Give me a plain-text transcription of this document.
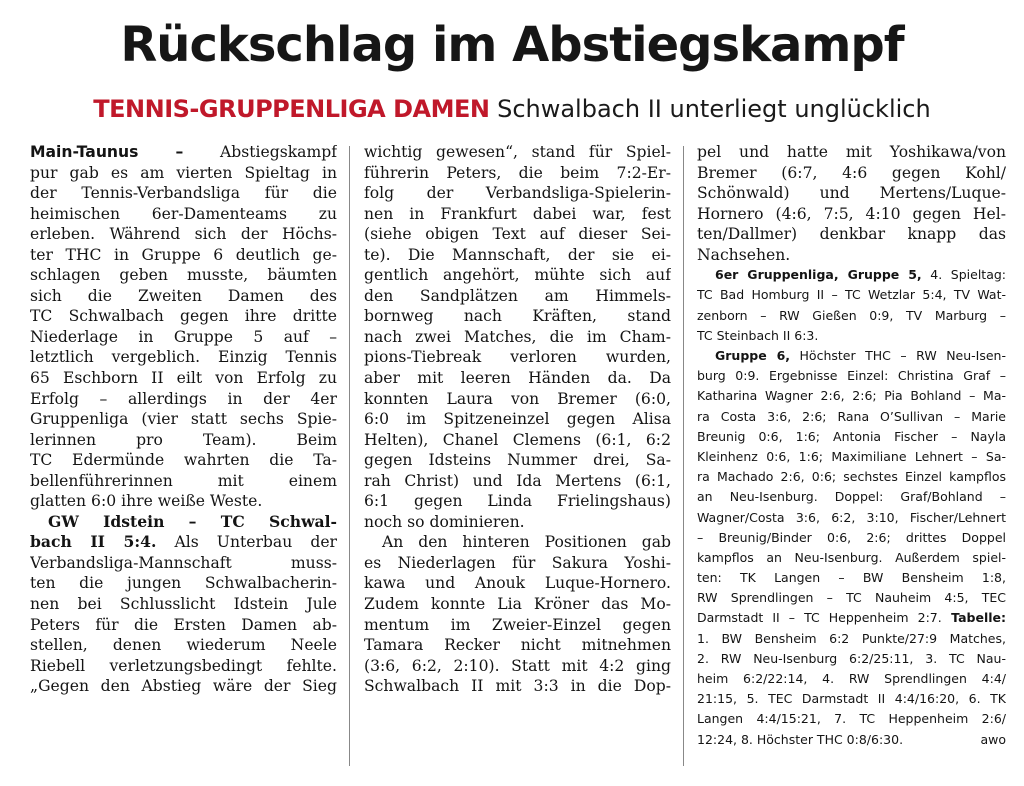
Rückschlag im Abstiegskampf
TENNIS-GRUPPENLIGA DAMEN Schwalbach II unterliegt unglücklich
Main-Taunus – Abstiegskampf
pur gab es am vierten Spieltag in
der Tennis-Verbandsliga für die
heimischen 6er-Damenteams zu
erleben. Während sich der Höchs-
ter THC in Gruppe 6 deutlich ge-
schlagen geben musste, bäumten
sich die Zweiten Damen des
TC Schwalbach gegen ihre dritte
Niederlage in Gruppe 5 auf –
letztlich vergeblich. Einzig Tennis
65 Eschborn II eilt von Erfolg zu
Erfolg – allerdings in der 4er
Gruppenliga (vier statt sechs Spie-
lerinnen pro Team). Beim
TC Edermünde wahrten die Ta-
bellenführerinnen mit einem
glatten 6:0 ihre weiße Weste.
GW Idstein – TC Schwal-
bach II 5:4. Als Unterbau der
Verbandsliga-Mannschaft muss-
ten die jungen Schwalbacherin-
nen bei Schlusslicht Idstein Jule
Peters für die Ersten Damen ab-
stellen, denen wiederum Neele
Riebell verletzungsbedingt fehlte.
„Gegen den Abstieg wäre der Sieg
wichtig gewesen“, stand für Spiel-
führerin Peters, die beim 7:2-Er-
folg der Verbandsliga-Spielerin-
nen in Frankfurt dabei war, fest
(siehe obigen Text auf dieser Sei-
te). Die Mannschaft, der sie ei-
gentlich angehört, mühte sich auf
den Sandplätzen am Himmels-
bornweg nach Kräften, stand
nach zwei Matches, die im Cham-
pions-Tiebreak verloren wurden,
aber mit leeren Händen da. Da
konnten Laura von Bremer (6:0,
6:0 im Spitzeneinzel gegen Alisa
Helten), Chanel Clemens (6:1, 6:2
gegen Idsteins Nummer drei, Sa-
rah Christ) und Ida Mertens (6:1,
6:1 gegen Linda Frielingshaus)
noch so dominieren.
An den hinteren Positionen gab
es Niederlagen für Sakura Yoshi-
kawa und Anouk Luque-Hornero.
Zudem konnte Lia Kröner das Mo-
mentum im Zweier-Einzel gegen
Tamara Recker nicht mitnehmen
(3:6, 6:2, 2:10). Statt mit 4:2 ging
Schwalbach II mit 3:3 in die Dop-
pel und hatte mit Yoshikawa/von
Bremer (6:7, 4:6 gegen Kohl/
Schönwald) und Mertens/Luque-
Hornero (4:6, 7:5, 4:10 gegen Hel-
ten/Dallmer) denkbar knapp das
Nachsehen.
6er Gruppenliga, Gruppe 5, 4. Spieltag:
TC Bad Homburg II – TC Wetzlar 5:4, TV Wat-
zenborn – RW Gießen 0:9, TV Marburg –
TC Steinbach II 6:3.
Gruppe 6, Höchster THC – RW Neu-Isen-
burg 0:9. Ergebnisse Einzel: Christina Graf –
Katharina Wagner 2:6, 2:6; Pia Bohland – Ma-
ra Costa 3:6, 2:6; Rana O’Sullivan – Marie
Breunig 0:6, 1:6; Antonia Fischer – Nayla
Kleinhenz 0:6, 1:6; Maximiliane Lehnert – Sa-
ra Machado 2:6, 0:6; sechstes Einzel kampflos
an Neu-Isenburg. Doppel: Graf/Bohland –
Wagner/Costa 3:6, 6:2, 3:10, Fischer/Lehnert
– Breunig/Binder 0:6, 2:6; drittes Doppel
kampflos an Neu-Isenburg. Außerdem spiel-
ten: TK Langen – BW Bensheim 1:8,
RW Sprendlingen – TC Nauheim 4:5, TEC
Darmstadt II – TC Heppenheim 2:7. Tabelle:
1. BW Bensheim 6:2 Punkte/27:9 Matches,
2. RW Neu-Isenburg 6:2/25:11, 3. TC Nau-
heim 6:2/22:14, 4. RW Sprendlingen 4:4/
21:15, 5. TEC Darmstadt II 4:4/16:20, 6. TK
Langen 4:4/15:21, 7. TC Heppenheim 2:6/
12:24, 8. Höchster THC 0:8/6:30.	awo
